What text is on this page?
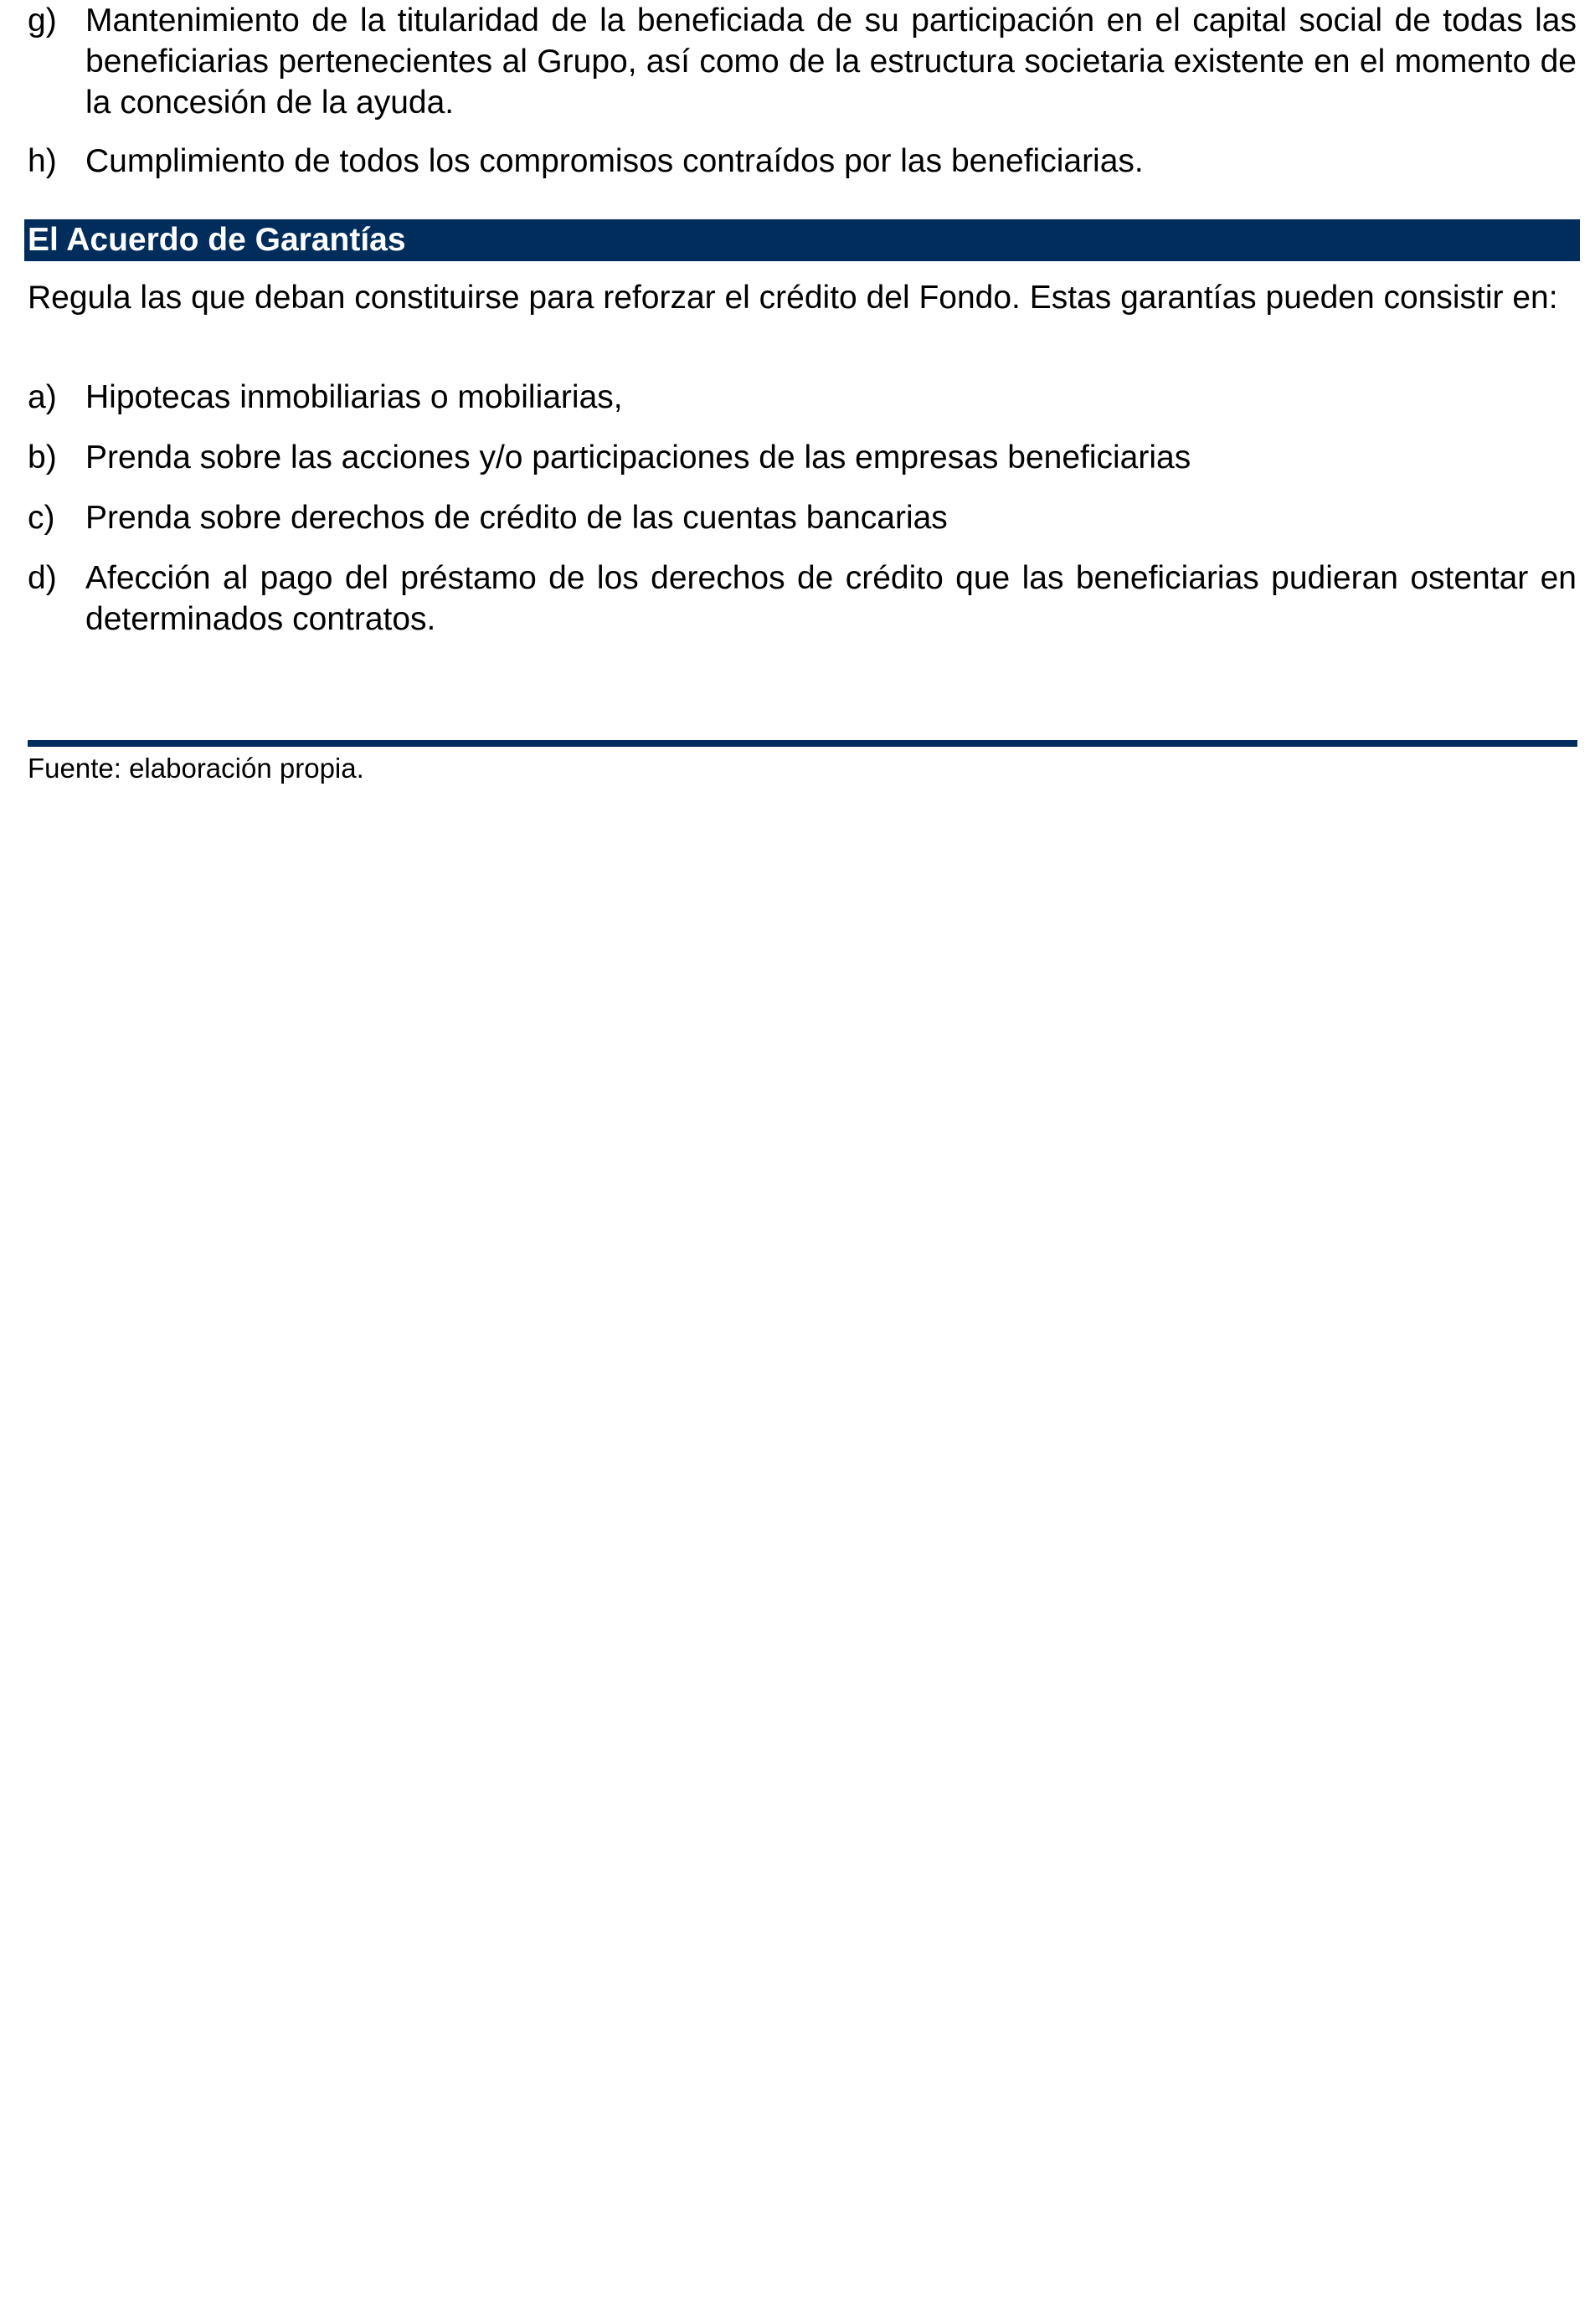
g) Mantenimiento de la titularidad de la beneficiada de su participación en el capital social de todas las beneficiarias pertenecientes al Grupo, así como de la estructura societaria existente en el momento de la concesión de la ayuda.
h) Cumplimiento de todos los compromisos contraídos por las beneficiarias.
El Acuerdo de Garantías
Regula las que deban constituirse para reforzar el crédito del Fondo. Estas garantías pueden consistir en:
a) Hipotecas inmobiliarias o mobiliarias,
b) Prenda sobre las acciones y/o participaciones de las empresas beneficiarias
c) Prenda sobre derechos de crédito de las cuentas bancarias
d) Afección al pago del préstamo de los derechos de crédito que las beneficiarias pudieran ostentar en determinados contratos.
Fuente: elaboración propia.
